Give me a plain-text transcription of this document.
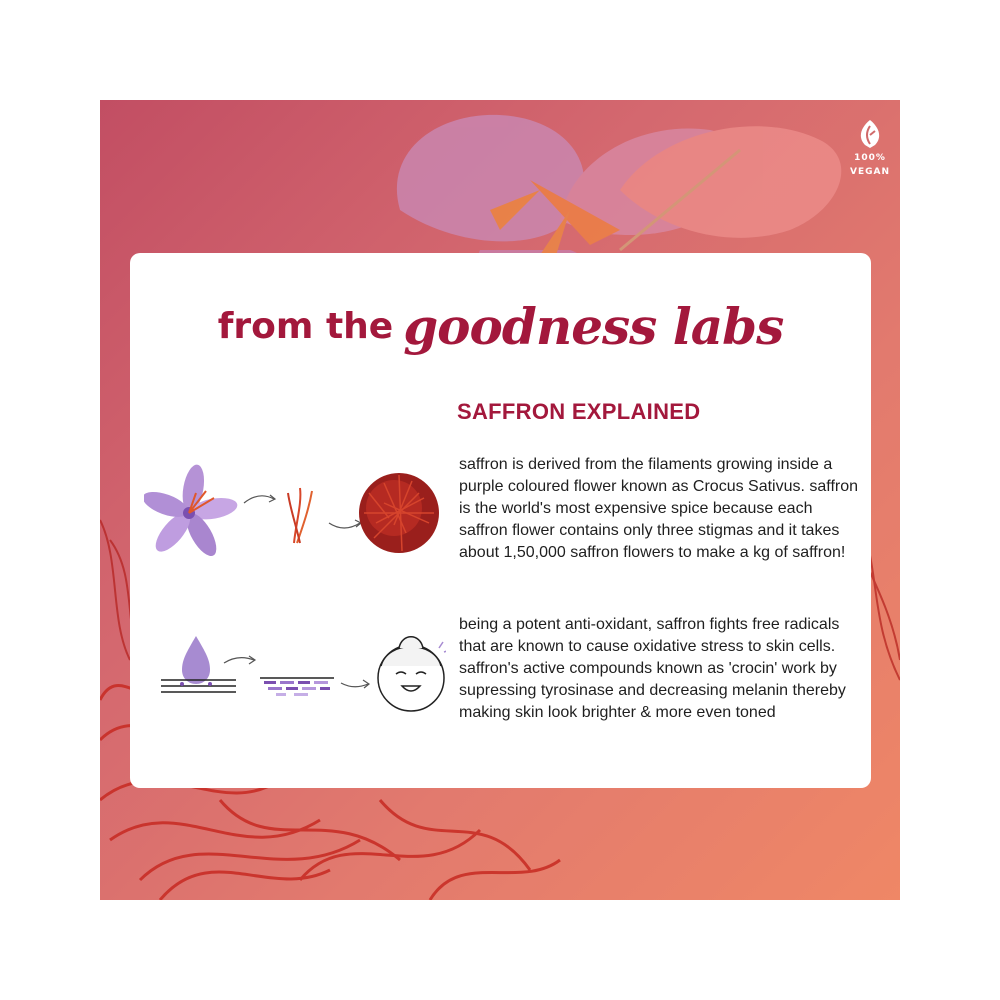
100%
VEGAN
from the goodness labs
SAFFRON EXPLAINED
saffron is derived from the filaments growing inside a purple coloured flower known as Crocus Sativus. saffron is the world's most expensive spice because each saffron flower contains only three stigmas and it takes about 1,50,000 saffron flowers to make a kg of saffron!
being a potent anti-oxidant, saffron fights free radicals that are known to cause oxidative stress to skin cells. saffron's active compounds known as 'crocin' work by supressing tyrosinase and decreasing melanin thereby making skin look brighter & more even toned
